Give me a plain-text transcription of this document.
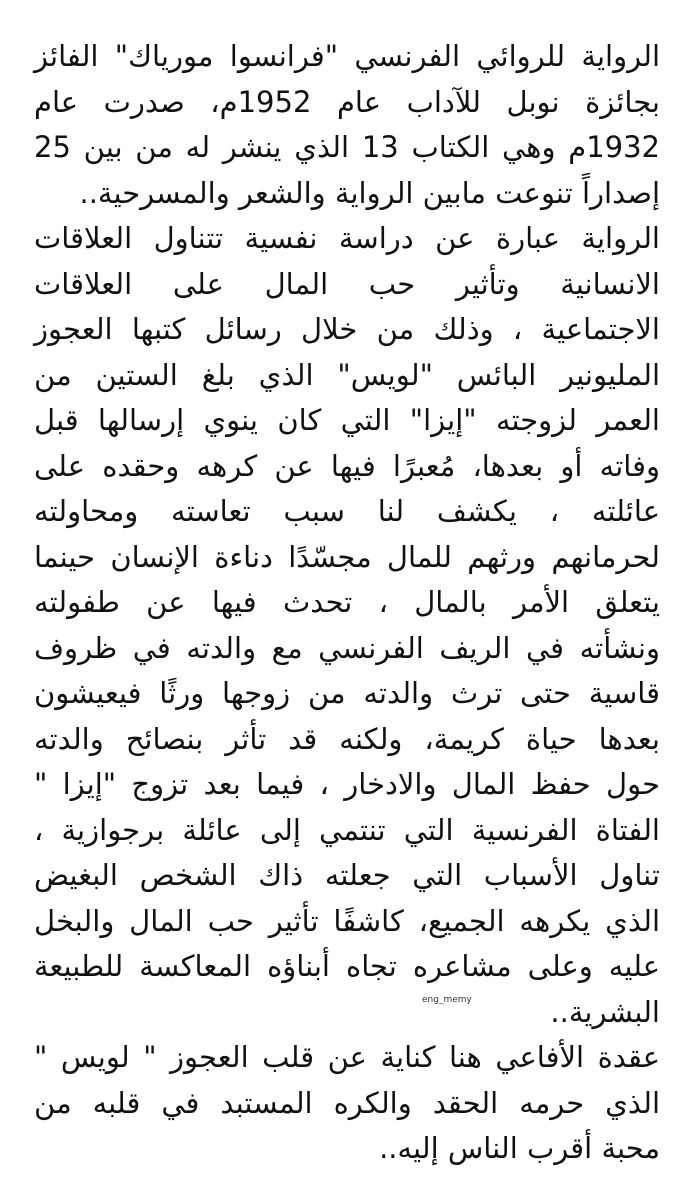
الرواية للروائي الفرنسي "فرانسوا موریاك" الفائز
بجائزة نوبل للآداب عام 1952م، صدرت عام
1932م وهي الكتاب 13 الذي ينشر له من بين 25
إصداراً تنوعت مابين الرواية والشعر والمسرحية..
الرواية عبارة عن دراسة نفسية تتناول العلاقات
الانسانية وتأثير حب المال على العلاقات
الاجتماعية ، وذلك من خلال رسائل كتبها العجوز
المليونير البائس "لويس" الذي بلغ الستين من
العمر لزوجته "إيزا" التي كان ينوي إرسالها قبل
وفاته أو بعدها، مُعبرًا فيها عن كرهه وحقده على
عائلته ، يكشف لنا سبب تعاسته ومحاولته
لحرمانهم ورثهم للمال مجسّدًا دناءة الإنسان حينما
يتعلق الأمر بالمال ، تحدث فيها عن طفولته
ونشأته في الريف الفرنسي مع والدته في ظروف
قاسية حتى ترث والدته من زوجها ورثًا فيعيشون
بعدها حياة كريمة، ولكنه قد تأثر بنصائح والدته
حول حفظ المال والادخار ، فيما بعد تزوج "إيزا "
الفتاة الفرنسية التي تنتمي إلى عائلة برجوازية ،
تناول الأسباب التي جعلته ذاك الشخص البغيض
الذي يكرهه الجميع، كاشفًا تأثير حب المال والبخل
عليه وعلى مشاعره تجاه أبناؤه المعاكسة للطبيعة
البشرية..
عقدة الأفاعي هنا كناية عن قلب العجوز " لويس "
الذي حرمه الحقد والكره المستبد في قلبه من
محبة أقرب الناس إليه..
eng_memy
